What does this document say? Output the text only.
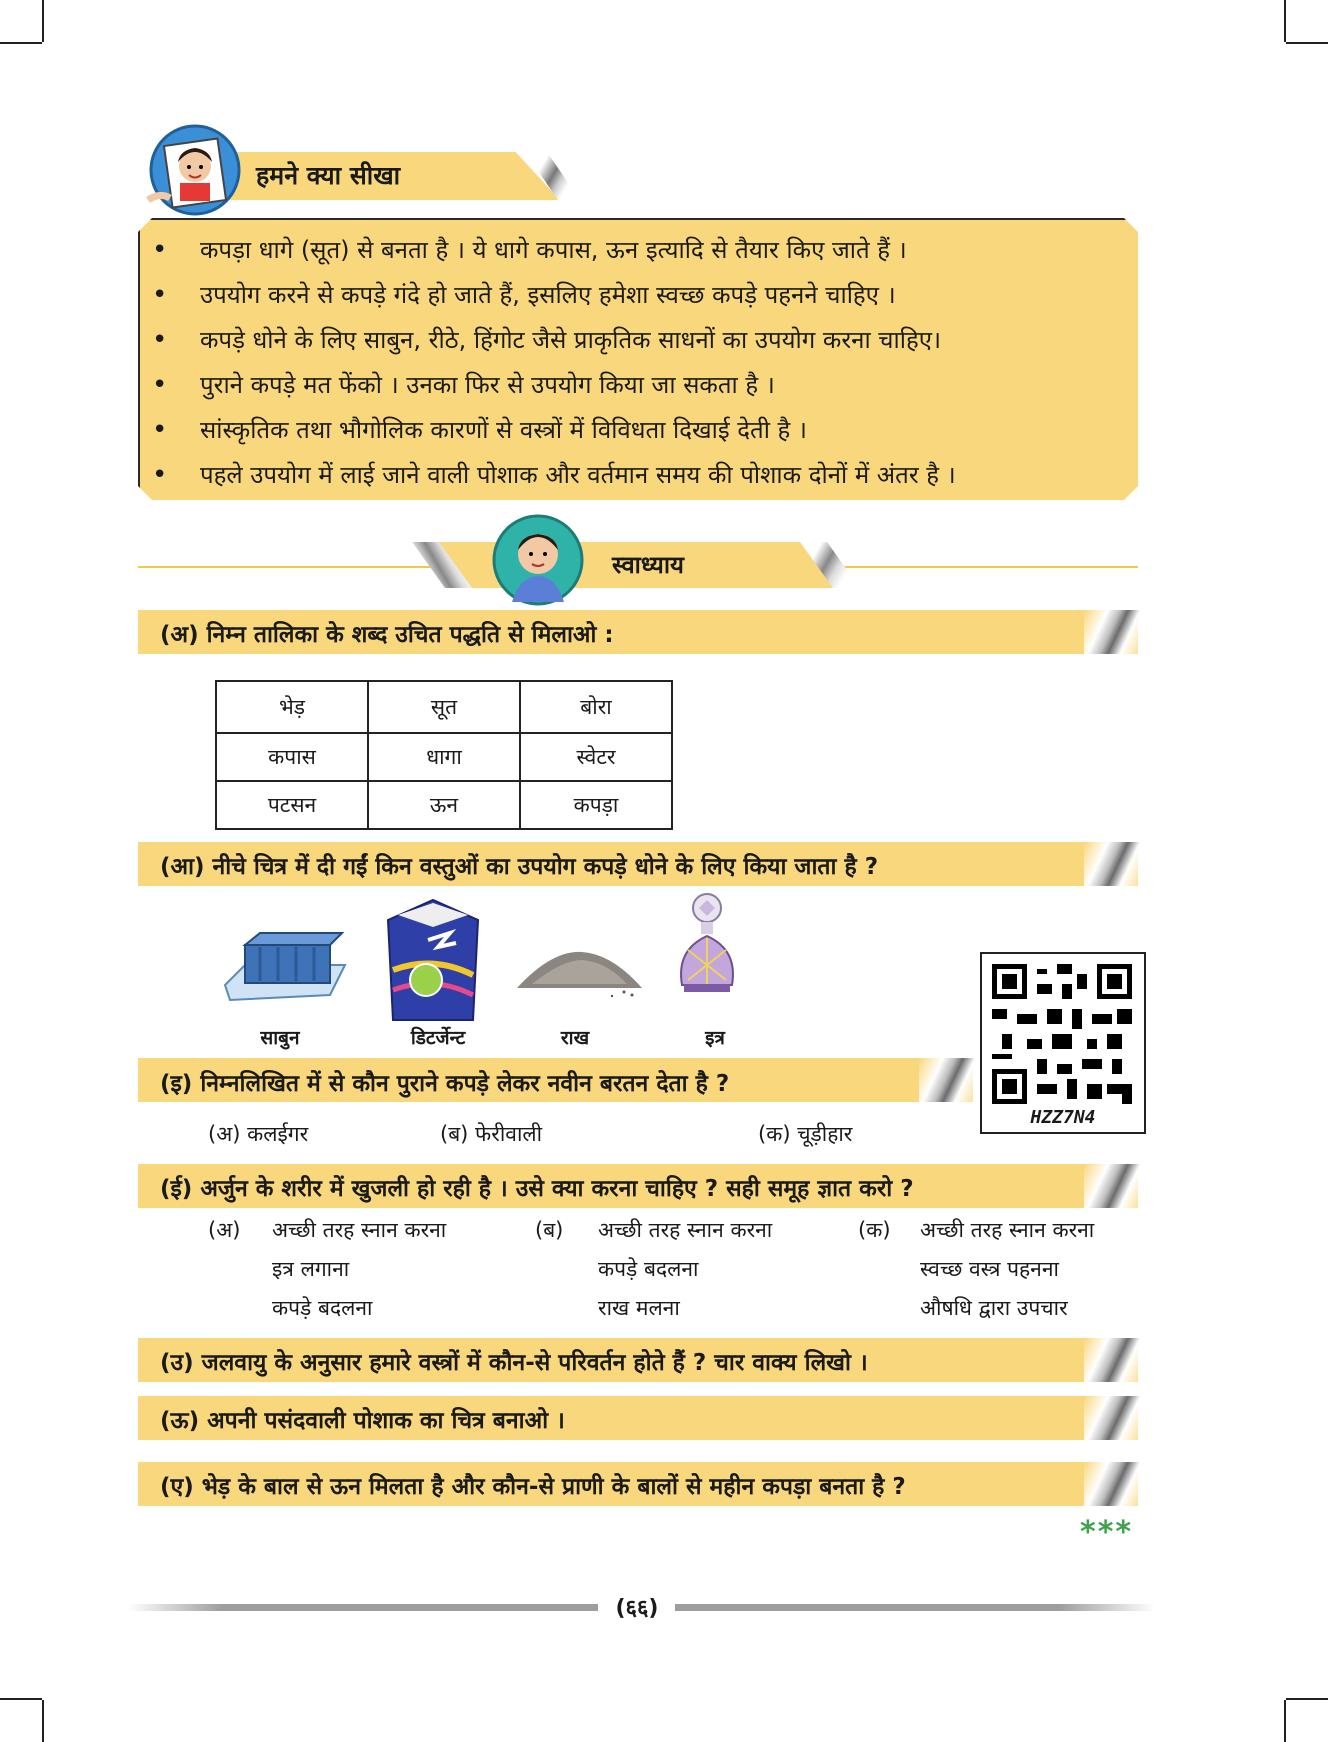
हमने क्या सीखा
• कपड़ा धागे (सूत) से बनता है । ये धागे कपास, ऊन इत्यादि से तैयार किए जाते हैं ।
• उपयोग करने से कपड़े गंदे हो जाते हैं, इसलिए हमेशा स्वच्छ कपड़े पहनने चाहिए ।
• कपड़े धोने के लिए साबुन, रीठे, हिंगोट जैसे प्राकृतिक साधनों का उपयोग करना चाहिए।
• पुराने कपड़े मत फेंको । उनका फिर से उपयोग किया जा सकता है ।
• सांस्कृतिक तथा भौगोलिक कारणों से वस्त्रों में विविधता दिखाई देती है ।
• पहले उपयोग में लाई जाने वाली पोशाक और वर्तमान समय की पोशाक दोनों में अंतर है ।
स्वाध्याय
(अ) निम्न तालिका के शब्द उचित पद्धति से मिलाओ :
भेड़	सूत	बोरा
कपास	धागा	स्वेटर
पटसन	ऊन	कपड़ा
(आ) नीचे चित्र में दी गईं किन वस्तुओं का उपयोग कपड़े धोने के लिए किया जाता है ?
साबुन	डिटर्जेन्ट	राख	इत्र
HZZ7N4
(इ) निम्नलिखित में से कौन पुराने कपड़े लेकर नवीन बरतन देता है ?
(अ) कलईगर	(ब) फेरीवाली	(क) चूड़ीहार
(ई) अर्जुन के शरीर में खुजली हो रही है । उसे क्या करना चाहिए ? सही समूह ज्ञात करो ?
(अ) अच्छी तरह स्नान करना
इत्र लगाना
कपड़े बदलना
(ब) अच्छी तरह स्नान करना
कपड़े बदलना
राख मलना
(क) अच्छी तरह स्नान करना
स्वच्छ वस्त्र पहनना
औषधि द्वारा उपचार
(उ) जलवायु के अनुसार हमारे वस्त्रों में कौन-से परिवर्तन होते हैं ? चार वाक्य लिखो ।
(ऊ) अपनी पसंदवाली पोशाक का चित्र बनाओ ।
(ए) भेड़ के बाल से ऊन मिलता है और कौन-से प्राणी के बालों से महीन कपड़ा बनता है ?
***
(६६)
